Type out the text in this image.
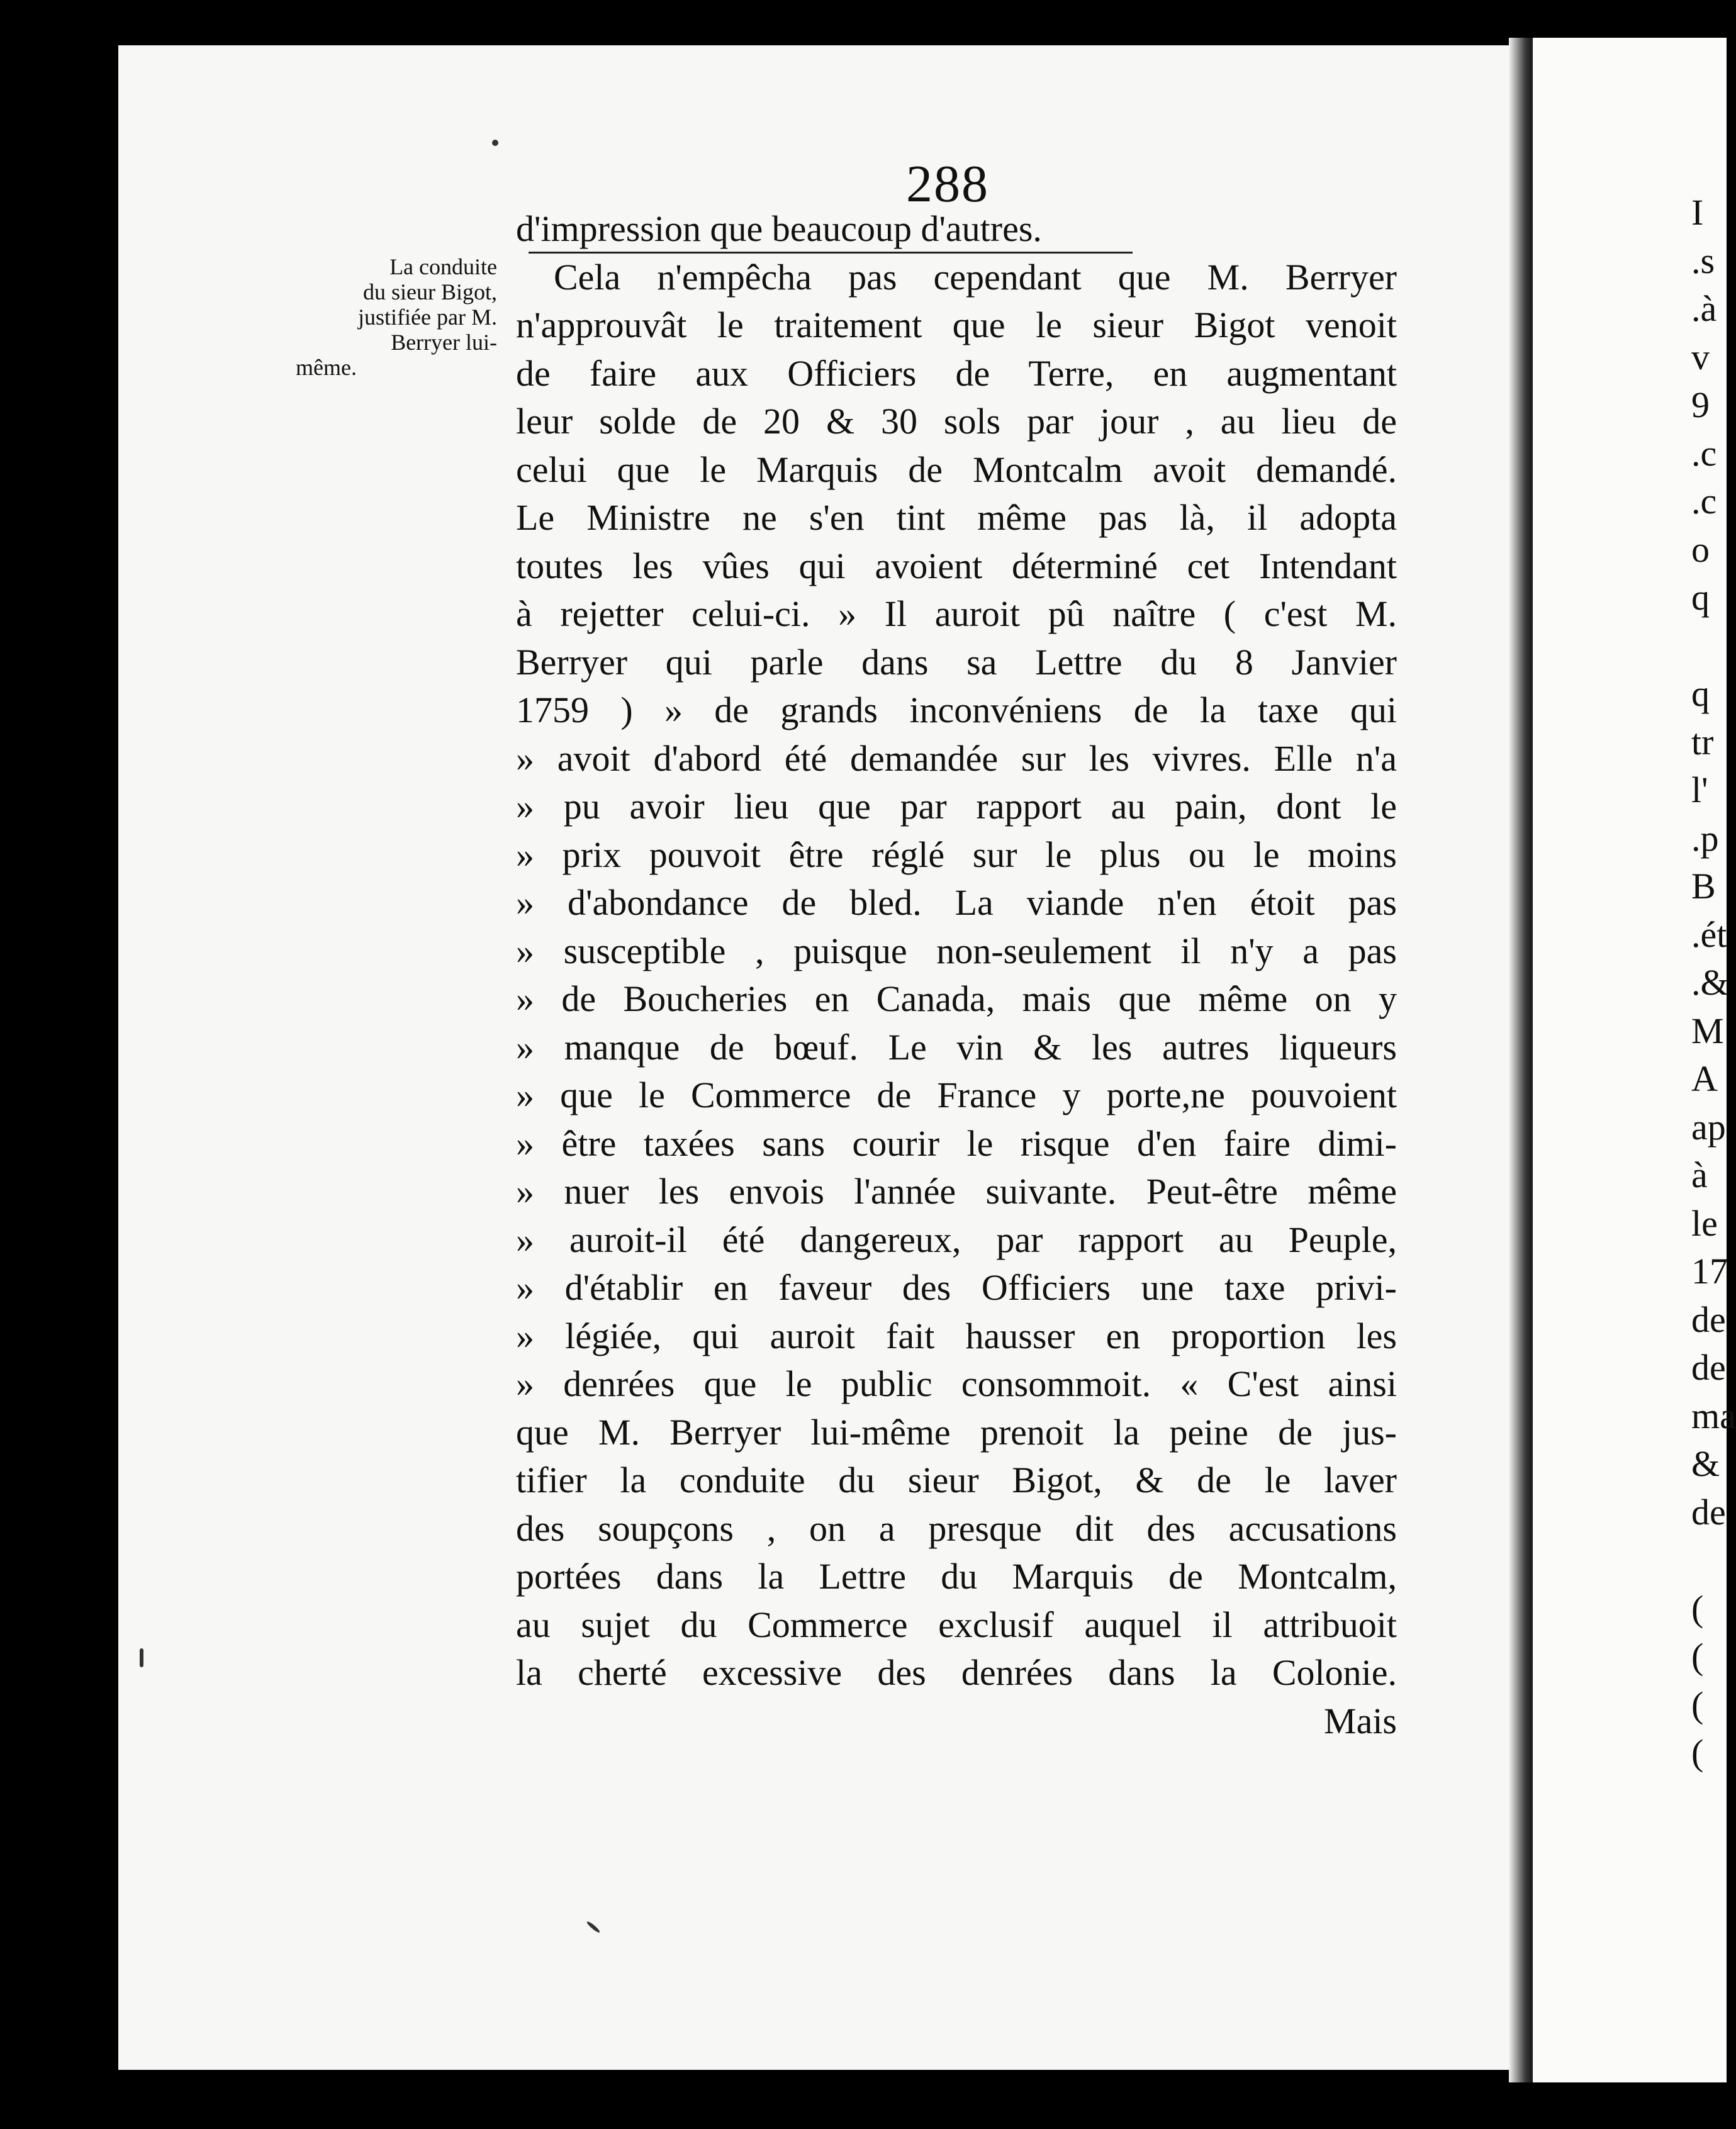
288
La conduite
du sieur Bigot,
justifiée par M.
Berryer lui-
même.
d'impression que beaucoup d'autres.
Cela n'empêcha pas cependant que M. Berryer
n'approuvât le traitement que le sieur Bigot venoit
de faire aux Officiers de Terre, en augmentant
leur solde de 20 & 30 sols par jour , au lieu de
celui que le Marquis de Montcalm avoit demandé.
Le Ministre ne s'en tint même pas là, il adopta
toutes les vûes qui avoient déterminé cet Intendant
à rejetter celui-ci. » Il auroit pû naître ( c'est M.
Berryer qui parle dans sa Lettre du 8 Janvier
1759 ) » de grands inconvéniens de la taxe qui
» avoit d'abord été demandée sur les vivres. Elle n'a
» pu avoir lieu que par rapport au pain, dont le
» prix pouvoit être réglé sur le plus ou le moins
» d'abondance de bled. La viande n'en étoit pas
» susceptible , puisque non-seulement il n'y a pas
» de Boucheries en Canada, mais que même on y
» manque de bœuf. Le vin & les autres liqueurs
» que le Commerce de France y porte,ne pouvoient
» être taxées sans courir le risque d'en faire dimi-
» nuer les envois l'année suivante. Peut-être même
» auroit-il été dangereux, par rapport au Peuple,
» d'établir en faveur des Officiers une taxe privi-
» légiée, qui auroit fait hausser en proportion les
» denrées que le public consommoit. « C'est ainsi
que M. Berryer lui-même prenoit la peine de jus-
tifier la conduite du sieur Bigot, & de le laver
des soupçons , on a presque dit des accusations
portées dans la Lettre du Marquis de Montcalm,
au sujet du Commerce exclusif auquel il attribuoit
la cherté excessive des denrées dans la Colonie.
Mais
I
.s
.à
v
9
.c
.c
o
q
q
tr
l'
.p
B
.ét
.&
M
A
ap
à
le
17
de
de
ma
&
de
(
(
(
(
